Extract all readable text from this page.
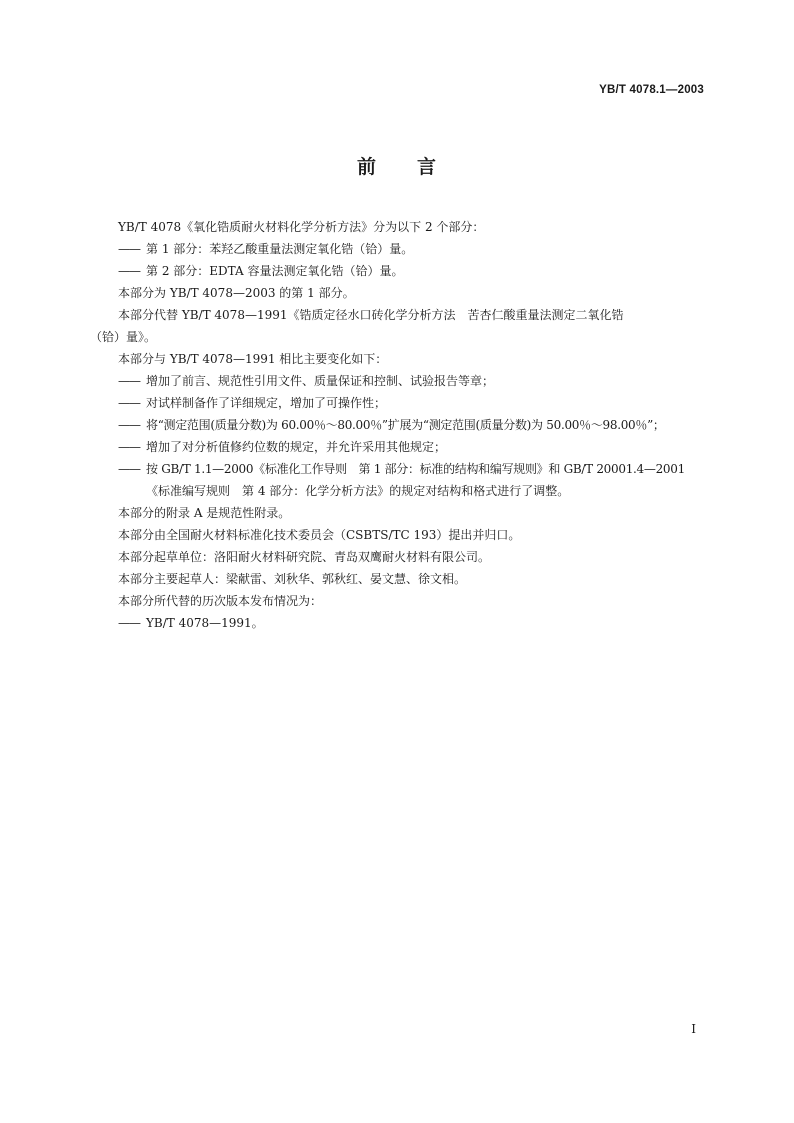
YB/T 4078.1—2003
前 言

YB/T 4078《氧化锆质耐火材料化学分析方法》分为以下 2 个部分：

—— 第 1 部分：苯羟乙酸重量法测定氧化锆（铪）量。

—— 第 2 部分：EDTA 容量法测定氧化锆（铪）量。

本部分为 YB/T 4078—2003 的第 1 部分。

本部分代替 YB/T 4078—1991《锆质定径水口砖化学分析方法　苦杏仁酸重量法测定二氧化锆

（铪）量》。

本部分与 YB/T 4078—1991 相比主要变化如下：

—— 增加了前言、规范性引用文件、质量保证和控制、试验报告等章；

—— 对试样制备作了详细规定，增加了可操作性；

—— 将“测定范围(质量分数)为 60.00％～80.00％”扩展为“测定范围(质量分数)为 50.00％～98.00％”；

—— 增加了对分析值修约位数的规定，并允许采用其他规定；

—— 按 GB/T 1.1—2000《标准化工作导则　第 1 部分：标准的结构和编写规则》和 GB/T 20001.4—2001

《标准编写规则　第 4 部分：化学分析方法》的规定对结构和格式进行了调整。

本部分的附录 A 是规范性附录。

本部分由全国耐火材料标准化技术委员会（CSBTS/TC 193）提出并归口。

本部分起草单位：洛阳耐火材料研究院、青岛双鹰耐火材料有限公司。

本部分主要起草人：梁献雷、刘秋华、郭秋红、晏文慧、徐文相。

本部分所代替的历次版本发布情况为：

—— YB/T 4078—1991。

I
